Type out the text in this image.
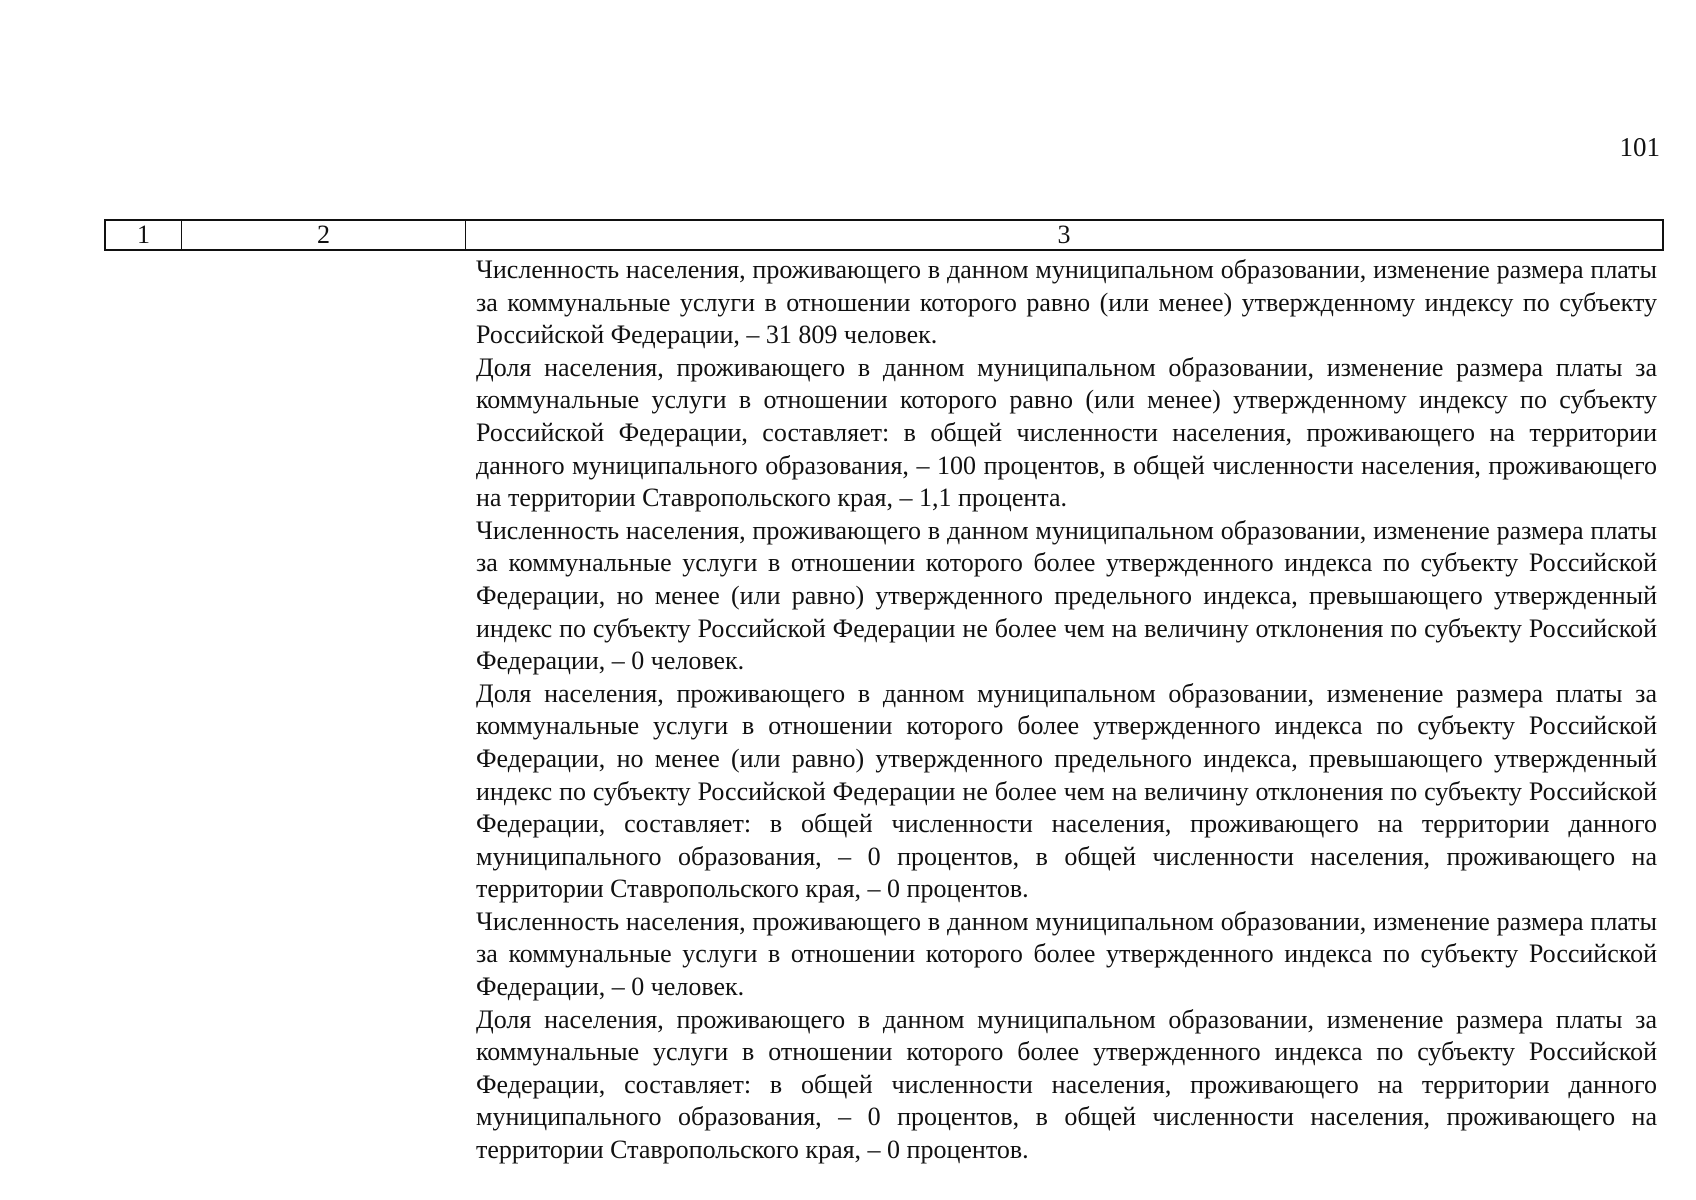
101
1	2	3

Численность населения, проживающего в данном муниципальном образовании, изменение размера платы за коммунальные услуги в отношении которого равно (или менее) утвержденному индексу по субъекту Российской Федерации, – 31 809 человек.

Доля населения, проживающего в данном муниципальном образовании, изменение размера платы за коммунальные услуги в отношении которого равно (или менее) утвержденному индексу по субъекту Российской Федерации, составляет: в общей численности населения, проживающего на территории данного муниципального образования, – 100 процентов, в общей численности населения, проживающего на территории Ставропольского края, – 1,1 процента.

Численность населения, проживающего в данном муниципальном образовании, изменение размера платы за коммунальные услуги в отношении которого более утвержденного индекса по субъекту Российской Федерации, но менее (или равно) утвержденного предельного индекса, превышающего утвержденный индекс по субъекту Российской Федерации не более чем на величину отклонения по субъекту Российской Федерации, – 0 человек.

Доля населения, проживающего в данном муниципальном образовании, изменение размера платы за коммунальные услуги в отношении которого более утвержденного индекса по субъекту Российской Федерации, но менее (или равно) утвержденного предельного индекса, превышающего утвержденный индекс по субъекту Российской Федерации не более чем на величину отклонения по субъекту Российской Федерации, составляет: в общей численности населения, проживающего на территории данного муниципального образования, – 0 процентов, в общей численности населения, проживающего на территории Ставропольского края, – 0 процентов.

Численность населения, проживающего в данном муниципальном образовании, изменение размера платы за коммунальные услуги в отношении которого более утвержденного индекса по субъекту Российской Федерации, – 0 человек.

Доля населения, проживающего в данном муниципальном образовании, изменение размера платы за коммунальные услуги в отношении которого более утвержденного индекса по субъекту Российской Федерации, составляет: в общей численности населения, проживающего на территории данного муниципального образования, – 0 процентов, в общей численности населения, проживающего на территории Ставропольского края, – 0 процентов.
